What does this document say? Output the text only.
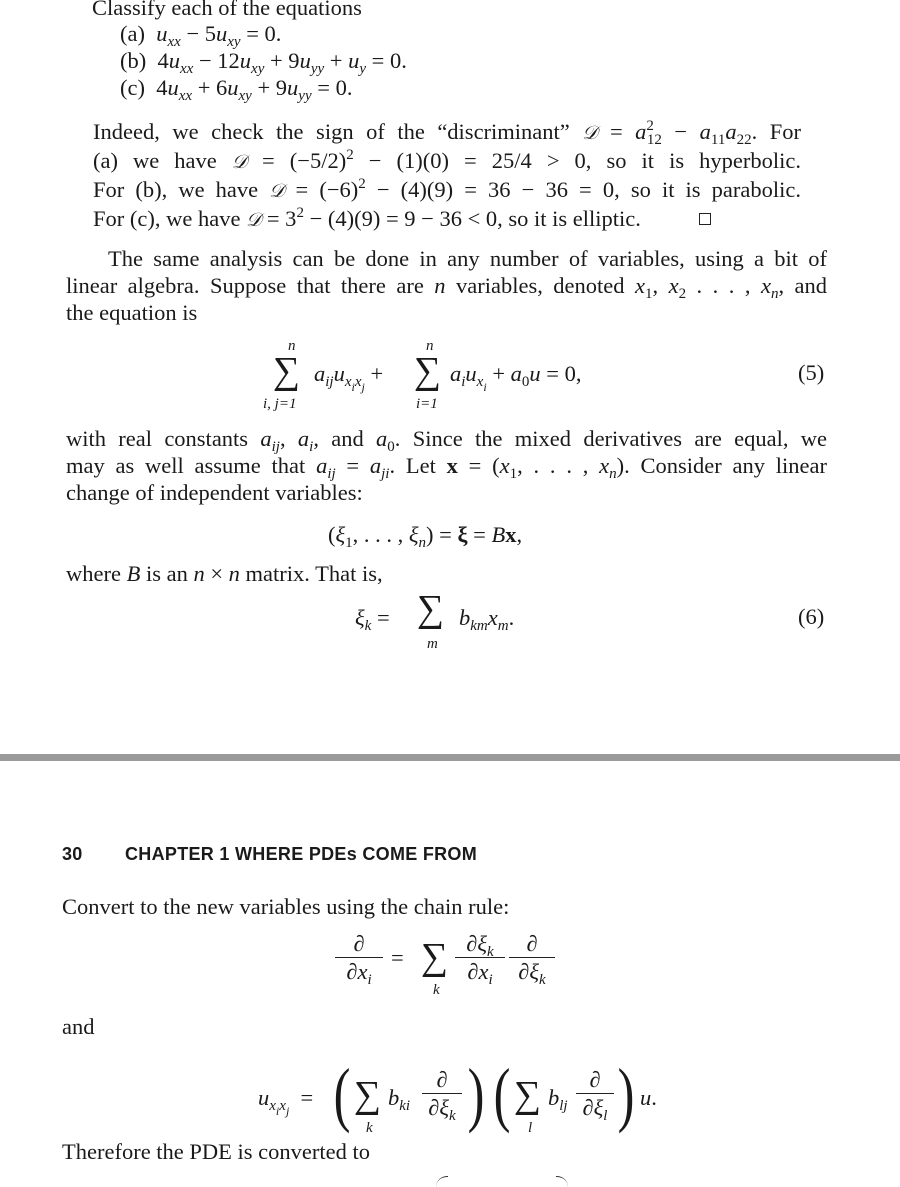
Classify each of the equations
(a) $u_{xx} - 5u_{xy} = 0$.
(b)  $4u_{xx} - 12u_{xy} + 9u_{yy} + u_y = 0$.
(c)  $4u_{xx} + 6u_{xy} + 9u_{yy} = 0$.
Indeed, we check the sign of the “discriminant” 𝒟 = $a^2_{12} - a_{11}a_{22}$. For
(a) we have 𝒟 = $(-5/2)^2 - (1)(0) = 25/4 > 0$, so it is hyperbolic.
For (b), we have 𝒟 = $(-6)^2 - (4)(9) = 36 - 36 = 0$, so it is parabolic.
For (c), we have 𝒟 = $3^2 - (4)(9) = 9 - 36 < 0$, so it is elliptic.
The same analysis can be done in any number of variables, using a bit of
linear algebra. Suppose that there are n variables, denoted $x_1$, $x_2$ . . . , $x_n$, and
the equation is
n
∑
i, j=1
$a_{ij}u_{x_ix_j}$ +
n
∑
i=1
$a_iu_{x_i} + a_0u = 0$,	(5)
with real constants $a_{ij}$, $a_i$, and $a_0$. Since the mixed derivatives are equal, we
may as well assume that $a_{ij} = a_{ji}$. Let $x = (x_1$, . . . , $x_n$). Consider any linear
change of independent variables:
($\xi_1$, . . . , $\xi_n) = \xi = Bx$,
where B is an n × n matrix. That is,
$\xi_k$ = ∑
m
$b_{km}x_m$.	(6)
30 CHAPTER 1 WHERE PDEs COME FROM
Convert to the new variables using the chain rule:
∂
$\partial x_i$
= ∑
k
$\frac{\partial\xi_k}{\partial x_i}$ ∂
$\partial\xi_k$
and
$u_{x_ix_j}$  = ( ∑
k
$b_{ki}$
∂
$\partial\xi_k$ ) ( ∑
l
$b_{lj}$
∂
$\partial\xi_l$ ) u.
Therefore the PDE is converted to
